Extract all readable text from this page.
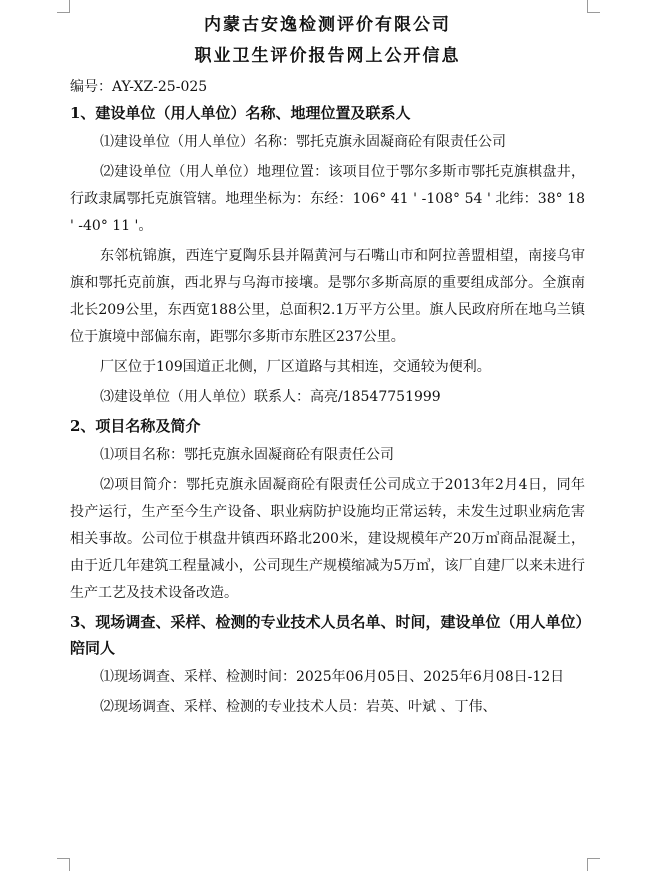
内蒙古安逸检测评价有限公司
职业卫生评价报告网上公开信息
编号：AY-XZ-25-025
1、建设单位（用人单位）名称、地理位置及联系人
⑴建设单位（用人单位）名称：鄂托克旗永固凝商砼有限责任公司
⑵建设单位（用人单位）地理位置：该项目位于鄂尔多斯市鄂托克旗棋盘井，行政隶属鄂托克旗管辖。地理坐标为：东经：106° 41 ' -108° 54 ' 北纬：38° 18 ' -40° 11 '。
东邻杭锦旗，西连宁夏陶乐县并隔黄河与石嘴山市和阿拉善盟相望，南接乌审旗和鄂托克前旗，西北界与乌海市接壤。是鄂尔多斯高原的重要组成部分。全旗南北长209公里，东西宽188公里，总面积2.1万平方公里。旗人民政府所在地乌兰镇位于旗境中部偏东南，距鄂尔多斯市东胜区237公里。
厂区位于109国道正北侧，厂区道路与其相连，交通较为便利。
⑶建设单位（用人单位）联系人：高亮/18547751999
2、项目名称及简介
⑴项目名称：鄂托克旗永固凝商砼有限责任公司
⑵项目简介：鄂托克旗永固凝商砼有限责任公司成立于2013年2月4日，同年投产运行，生产至今生产设备、职业病防护设施均正常运转，未发生过职业病危害相关事故。公司位于棋盘井镇西环路北200米，建设规模年产20万㎥商品混凝土，由于近几年建筑工程量减小，公司现生产规模缩减为5万㎥，该厂自建厂以来未进行生产工艺及技术设备改造。
3、现场调查、采样、检测的专业技术人员名单、时间，建设单位（用人单位）陪同人
⑴现场调查、采样、检测时间：2025年06月05日、2025年6月08日-12日
⑵现场调查、采样、检测的专业技术人员：岩英、叶斌 、丁伟、
